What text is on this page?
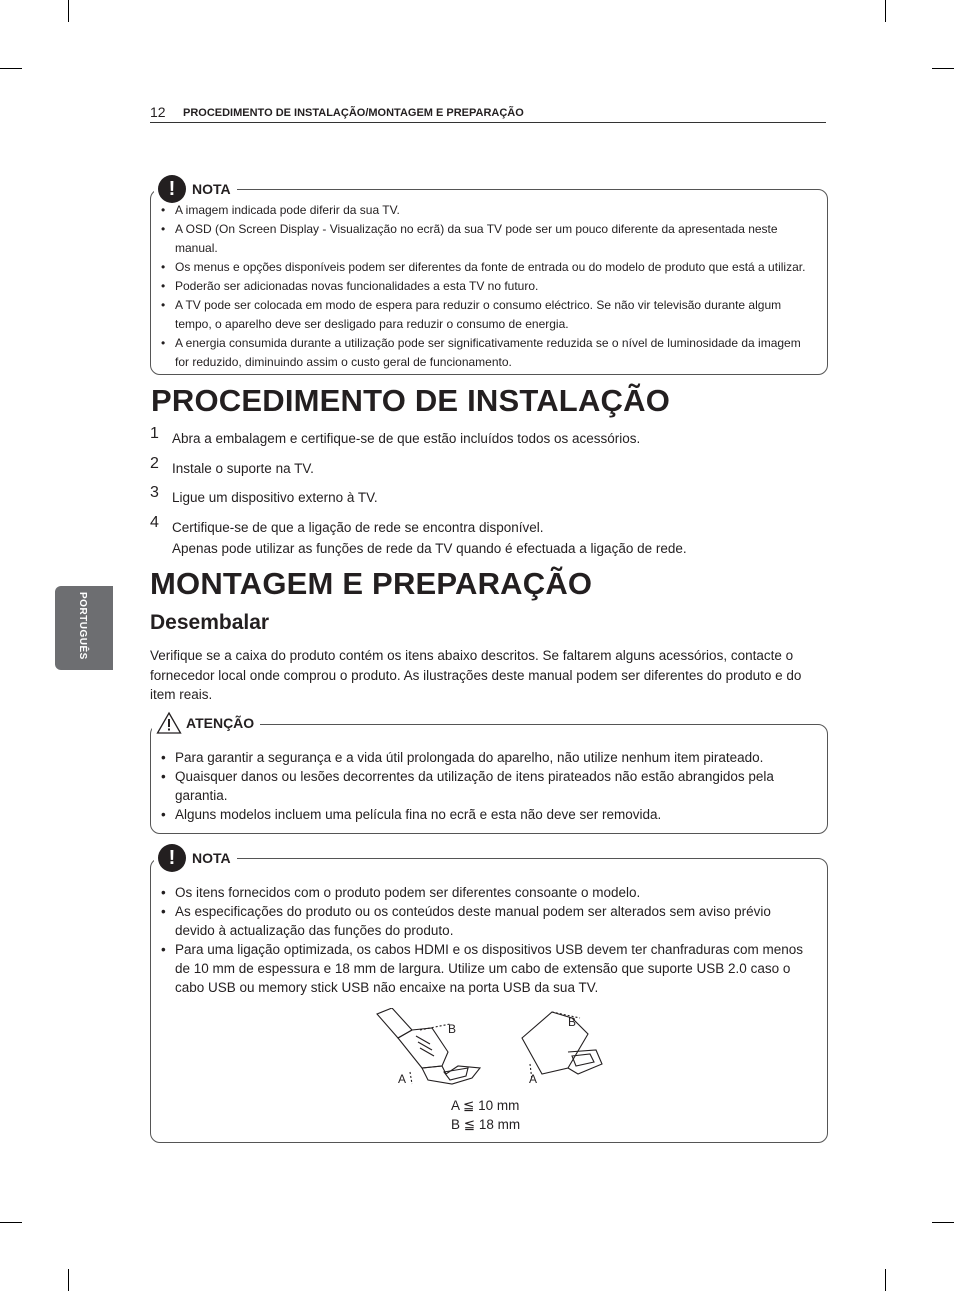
12 PROCEDIMENTO DE INSTALAÇÃO/MONTAGEM E PREPARAÇÃO
PORTUGUÊS
• A imagem indicada pode diferir da sua TV.
• A OSD (On Screen Display - Visualização no ecrã) da sua TV pode ser um pouco diferente da apresentada neste manual.
• Os menus e opções disponíveis podem ser diferentes da fonte de entrada ou do modelo de produto que está a utilizar.
• Poderão ser adicionadas novas funcionalidades a esta TV no futuro.
• A TV pode ser colocada em modo de espera para reduzir o consumo eléctrico. Se não vir televisão durante algum tempo, o aparelho deve ser desligado para reduzir o consumo de energia.
• A energia consumida durante a utilização pode ser significativamente reduzida se o nível de luminosidade da imagem for reduzido, diminuindo assim o custo geral de funcionamento.
!	NOTA
PROCEDIMENTO DE INSTALAÇÃO
1 Abra a embalagem e certifique-se de que estão incluídos todos os acessórios.
2 Instale o suporte na TV.
3 Ligue um dispositivo externo à TV.
4 Certifique-se de que a ligação de rede se encontra disponível.
Apenas pode utilizar as funções de rede da TV quando é efectuada a ligação de rede.
MONTAGEM E PREPARAÇÃO
Desembalar
Verifique se a caixa do produto contém os itens abaixo descritos. Se faltarem alguns acessórios, contacte o fornecedor local onde comprou o produto. As ilustrações deste manual podem ser diferentes do produto e do item reais.
• Para garantir a segurança e a vida útil prolongada do aparelho, não utilize nenhum item pirateado.
• Quaisquer danos ou lesões decorrentes da utilização de itens pirateados não estão abrangidos pela garantia.
• Alguns modelos incluem uma película fina no ecrã e esta não deve ser removida.
ATENÇÃO
• Os itens fornecidos com o produto podem ser diferentes consoante o modelo.
• As especificações do produto ou os conteúdos deste manual podem ser alterados sem aviso prévio devido à actualização das funções do produto.
• Para uma ligação optimizada, os cabos HDMI e os dispositivos USB devem ter chanfraduras com menos de 10 mm de espessura e 18 mm de largura. Utilize um cabo de extensão que suporte USB 2.0 caso o cabo USB ou memory stick USB não encaixe na porta USB da sua TV.
!	NOTA
B
A
B
A
A ≦ 10 mm
B ≦ 18 mm
